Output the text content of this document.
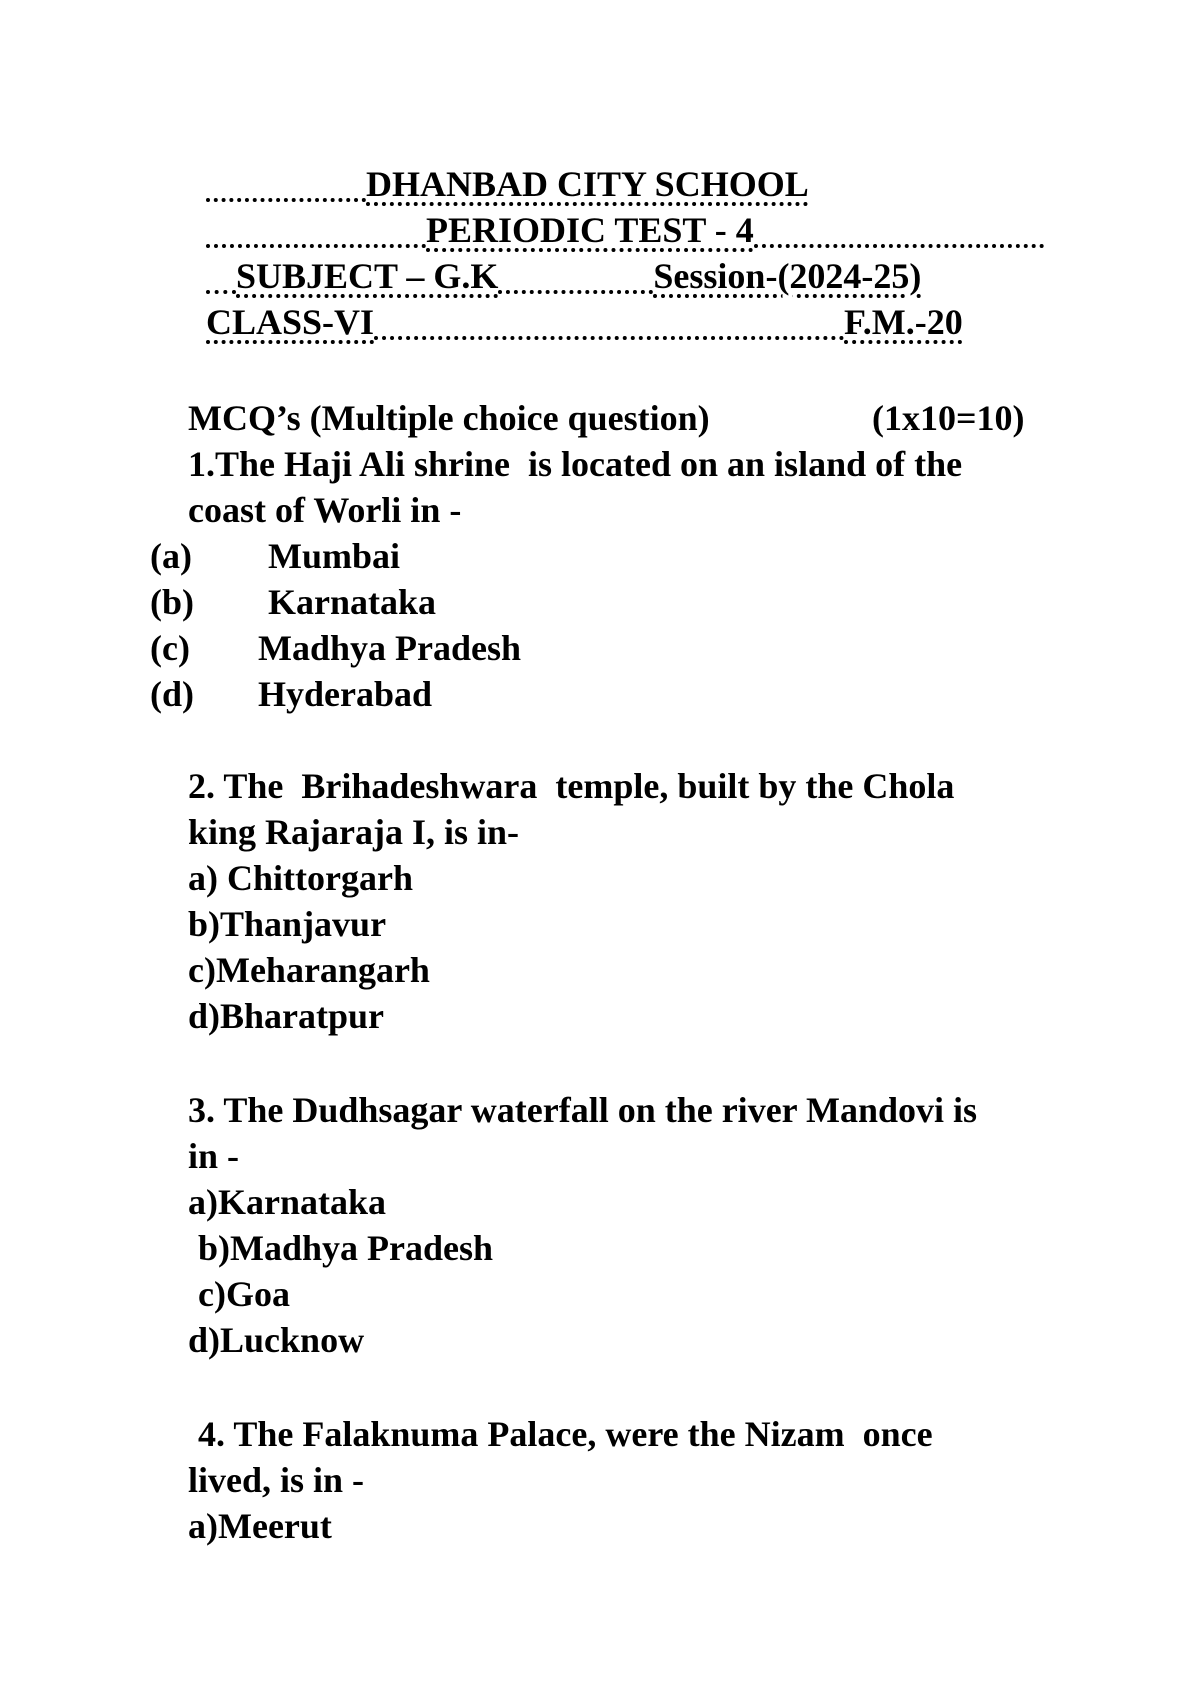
DHANBAD CITY SCHOOL

PERIODIC TEST - 4

SUBJECT – G.K	Session-(2024-25)

CLASS-VI	F.M.-20

MCQ’s (Multiple choice question)	(1x10=10)
1.The Haji Ali shrine  is located on an island of the
coast of Worli in -
(a) Mumbai
(b) Karnataka
(c) Madhya Pradesh
(d) Hyderabad
2. The  Brihadeshwara  temple, built by the Chola
king Rajaraja I, is in-
a) Chittorgarh
b)Thanjavur
c)Meharangarh
d)Bharatpur
3. The Dudhsagar waterfall on the river Mandovi is
in -
a)Karnataka
b)Madhya Pradesh
c)Goa
d)Lucknow
4. The Falaknuma Palace, were the Nizam  once
lived, is in -
a)Meerut
